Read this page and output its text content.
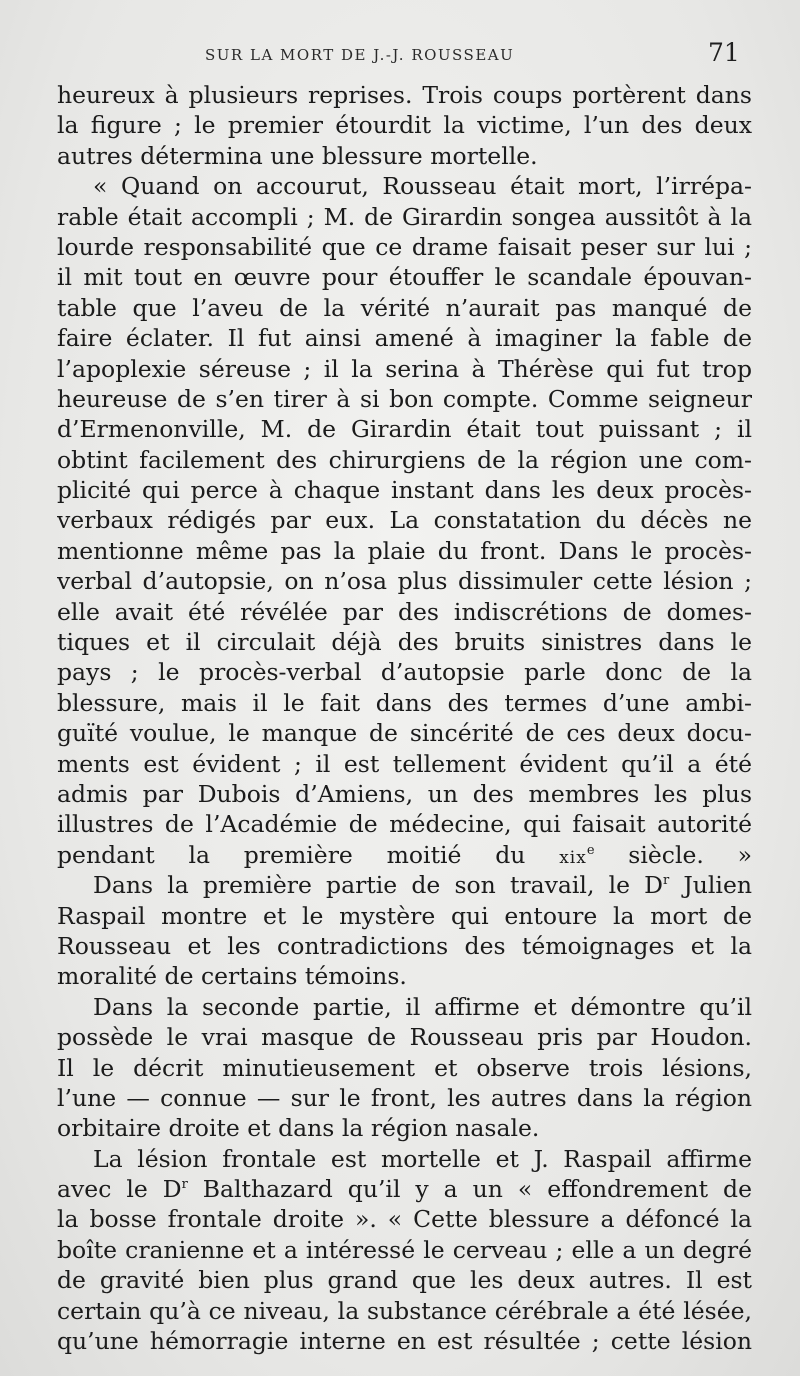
SUR LA MORT DE J.-J. ROUSSEAU	71
heureux à plusieurs reprises. Trois coups portèrent dans
la figure ; le premier étourdit la victime, l’un des deux
autres détermina une blessure mortelle.
« Quand on accourut, Rousseau était mort, l’irrépa-
rable était accompli ; M. de Girardin songea aussitôt à la
lourde responsabilité que ce drame faisait peser sur lui ;
il mit tout en œuvre pour étouffer le scandale épouvan-
table que l’aveu de la vérité n’aurait pas manqué de
faire éclater. Il fut ainsi amené à imaginer la fable de
l’apoplexie séreuse ; il la serina à Thérèse qui fut trop
heureuse de s’en tirer à si bon compte. Comme seigneur
d’Ermenonville, M. de Girardin était tout puissant ; il
obtint facilement des chirurgiens de la région une com-
plicité qui perce à chaque instant dans les deux procès-
verbaux rédigés par eux. La constatation du décès ne
mentionne même pas la plaie du front. Dans le procès-
verbal d’autopsie, on n’osa plus dissimuler cette lésion ;
elle avait été révélée par des indiscrétions de domes-
tiques et il circulait déjà des bruits sinistres dans le
pays ; le procès-verbal d’autopsie parle donc de la
blessure, mais il le fait dans des termes d’une ambi-
guïté voulue, le manque de sincérité de ces deux docu-
ments est évident ; il est tellement évident qu’il a été
admis par Dubois d’Amiens, un des membres les plus
illustres de l’Académie de médecine, qui faisait autorité
pendant la première moitié du xix$^e$ siècle. »
Dans la première partie de son travail, le $D^r$ Julien
Raspail montre et le mystère qui entoure la mort de
Rousseau et les contradictions des témoignages et la
moralité de certains témoins.
Dans la seconde partie, il affirme et démontre qu’il
possède le vrai masque de Rousseau pris par Houdon.
Il le décrit minutieusement et observe trois lésions,
l’une — connue — sur le front, les autres dans la région
orbitaire droite et dans la région nasale.
La lésion frontale est mortelle et J. Raspail affirme
avec le $D^r$ Balthazard qu’il y a un « effondrement de
la bosse frontale droite ». « Cette blessure a défoncé la
boîte cranienne et a intéressé le cerveau ; elle a un degré
de gravité bien plus grand que les deux autres. Il est
certain qu’à ce niveau, la substance cérébrale a été lésée,
qu’une hémorragie interne en est résultée ; cette lésion
